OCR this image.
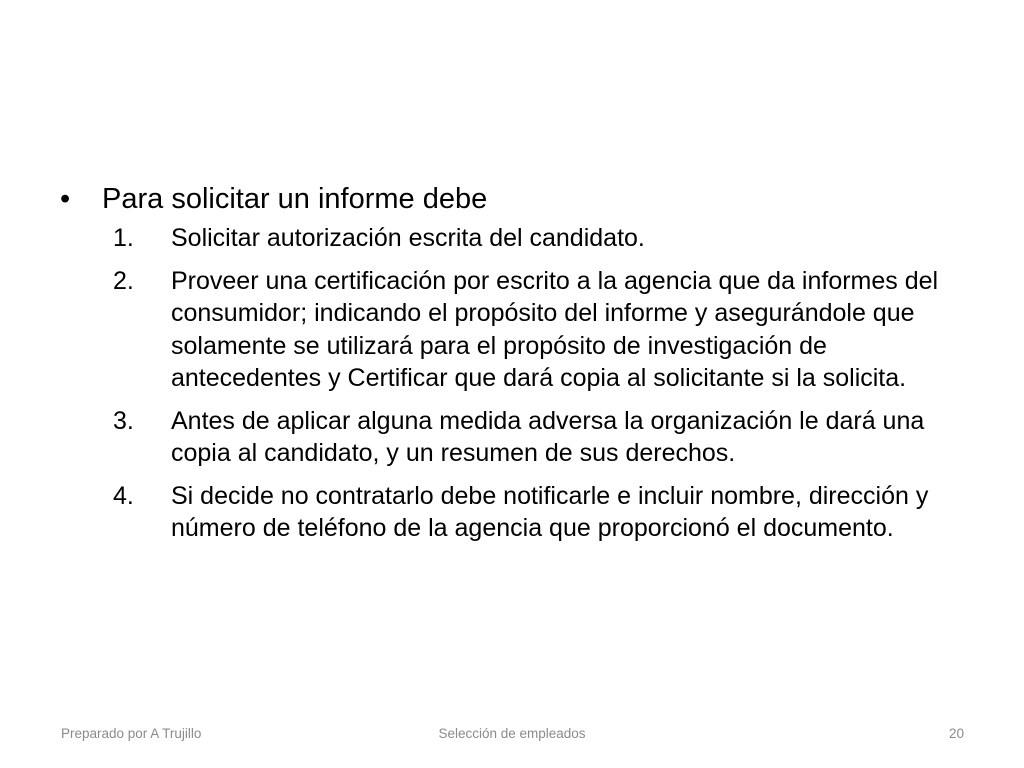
•	Para solicitar un informe debe
1.	Solicitar autorización escrita del candidato.
2.	Proveer una certificación por escrito a la agencia que da informes del consumidor; indicando el propósito del informe y asegurándole que solamente se utilizará para el propósito de investigación de antecedentes y Certificar que dará copia al solicitante si la solicita.
3.	Antes de aplicar alguna medida adversa la organización le dará una copia al candidato, y un resumen de sus derechos.
4.	Si decide no contratarlo debe notificarle e incluir nombre, dirección y número de teléfono de la agencia que proporcionó el documento.
Preparado por A Trujillo	Selección de empleados	20
